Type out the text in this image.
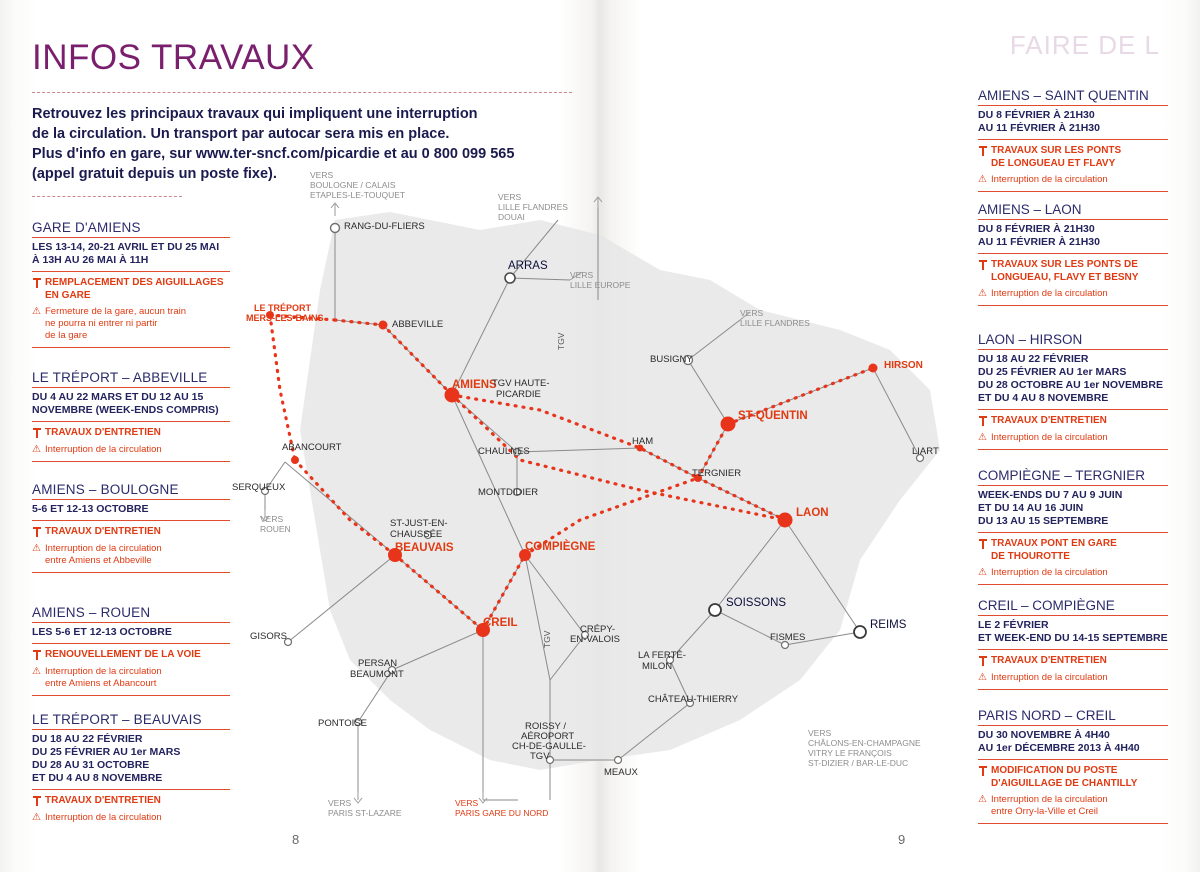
INFOS TRAVAUX
Retrouvez les principaux travaux qui impliquent une interruption
de la circulation. Un transport par autocar sera mis en place.
Plus d'info en gare, sur www.ter-sncf.com/picardie et au 0 800 099 565
(appel gratuit depuis un poste fixe).
GARE D'AMIENS
LES 13-14, 20-21 AVRIL ET DU 25 MAI
À 13H AU 26 MAI À 11H
REMPLACEMENT DES AIGUILLAGES
EN GARE
⚠ Fermeture de la gare, aucun train
ne pourra ni entrer ni partir
de la gare
LE TRÉPORT – ABBEVILLE
DU 4 AU 22 MARS ET DU 12 AU 15
NOVEMBRE (WEEK-ENDS COMPRIS)
TRAVAUX D'ENTRETIEN
⚠ Interruption de la circulation
AMIENS – BOULOGNE
5-6 ET 12-13 OCTOBRE
TRAVAUX D'ENTRETIEN
⚠ Interruption de la circulation
entre Amiens et Abbeville
AMIENS – ROUEN
LES 5-6 ET 12-13 OCTOBRE
RENOUVELLEMENT DE LA VOIE
⚠ Interruption de la circulation
entre Amiens et Abancourt
LE TRÉPORT – BEAUVAIS
DU 18 AU 22 FÉVRIER
DU 25 FÉVRIER AU 1er MARS
DU 28 AU 31 OCTOBRE
ET DU 4 AU 8 NOVEMBRE
TRAVAUX D'ENTRETIEN
⚠ Interruption de la circulation
FAIRE DE L
AMIENS – SAINT QUENTIN
DU 8 FÉVRIER À 21H30
AU 11 FÉVRIER À 21H30
TRAVAUX SUR LES PONTS
DE LONGUEAU ET FLAVY
⚠ Interruption de la circulation
AMIENS – LAON
DU 8 FÉVRIER À 21H30
AU 11 FÉVRIER À 21H30
TRAVAUX SUR LES PONTS DE
LONGUEAU, FLAVY ET BESNY
⚠ Interruption de la circulation
LAON – HIRSON
DU 18 AU 22 FÉVRIER
DU 25 FÉVRIER AU 1er MARS
DU 28 OCTOBRE AU 1er NOVEMBRE
ET DU 4 AU 8 NOVEMBRE
TRAVAUX D'ENTRETIEN
⚠ Interruption de la circulation
COMPIÈGNE – TERGNIER
WEEK-ENDS DU 7 AU 9 JUIN
ET DU 14 AU 16 JUIN
DU 13 AU 15 SEPTEMBRE
TRAVAUX PONT EN GARE
DE THOUROTTE
⚠ Interruption de la circulation
CREIL – COMPIÈGNE
LE 2 FÉVRIER
ET WEEK-END DU 14-15 SEPTEMBRE
TRAVAUX D'ENTRETIEN
⚠ Interruption de la circulation
PARIS NORD – CREIL
DU 30 NOVEMBRE À 4H40
AU 1er DÉCEMBRE 2013 À 4H40
MODIFICATION DU POSTE
D'AIGUILLAGE DE CHANTILLY
⚠ Interruption de la circulation
entre Orry-la-Ville et Creil
AMIENS
ST-QUENTIN
LAON
COMPIÈGNE
BEAUVAIS
CREIL
HIRSON
RANG-DU-FLIERS
ARRAS
ABBEVILLE
ABANCOURT
SERQUEUX	MONTDIDIER
CHAULNES
ST-JUST-EN-
CHAUSSÉE
BUSIGNY
HAM
TERGNIER
LIART
SOISSONS
REIMS
FISMES
LA FERTÉ-
MILON
CHÂTEAU-THIERRY
MEAUX
GISORS
PERSAN
BEAUMONT
PONTOISE	ROISSY /
AÉROPORT
CH-DE-GAULLE-
TGV
CRÉPY-
EN-VALOIS
TGV HAUTE-
PICARDIE
LE TRÉPORT
MERS-LES-BAINS
VERS
BOULOGNE / CALAIS
ETAPLES-LE-TOUQUET	VERS
LILLE FLANDRES
DOUAI
VERS
LILLE EUROPE
VERS
LILLE FLANDRES
VERS
ROUEN
VERS
PARIS ST-LAZARE
VERS
PARIS GARE DU NORD
VERS
CHÂLONS-EN-CHAMPAGNE
VITRY LE FRANÇOIS
ST-DIZIER / BAR-LE-DUC
TGV
TGV
8	9
